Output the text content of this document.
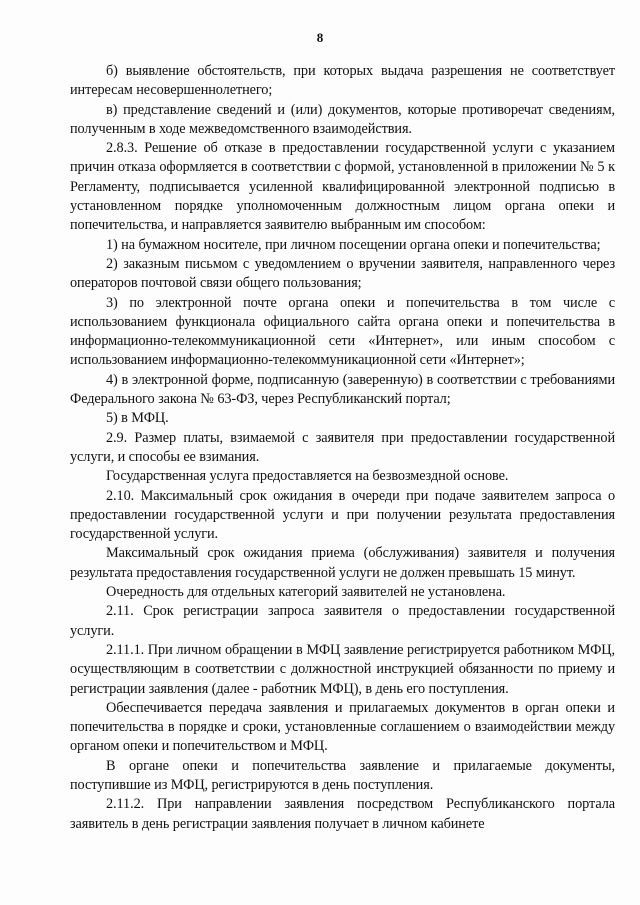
8

б) выявление обстоятельств, при которых выдача разрешения не соответствует интересам несовершеннолетнего;

в) представление сведений и (или) документов, которые противоречат сведениям, полученным в ходе межведомственного взаимодействия.

2.8.3. Решение об отказе в предоставлении государственной услуги с указанием причин отказа оформляется в соответствии с формой, установленной в приложении № 5 к Регламенту, подписывается усиленной квалифицированной электронной подписью в установленном порядке уполномоченным должностным лицом органа опеки и попечительства, и направляется заявителю выбранным им способом:

1) на бумажном носителе, при личном посещении органа опеки и попечительства;

2) заказным письмом с уведомлением о вручении заявителя, направленного через операторов почтовой связи общего пользования;

3) по электронной почте органа опеки и попечительства в том числе с использованием функционала официального сайта органа опеки и попечительства в информационно-телекоммуникационной сети «Интернет», или иным способом с использованием информационно-телекоммуникационной сети «Интернет»;

4) в электронной форме, подписанную (заверенную) в соответствии с требованиями Федерального закона № 63-ФЗ, через Республиканский портал;

5) в МФЦ.

2.9. Размер платы, взимаемой с заявителя при предоставлении государственной услуги, и способы ее взимания.

Государственная услуга предоставляется на безвозмездной основе.

2.10. Максимальный срок ожидания в очереди при подаче заявителем запроса о предоставлении государственной услуги и при получении результата предоставления государственной услуги.

Максимальный срок ожидания приема (обслуживания) заявителя и получения результата предоставления государственной услуги не должен превышать 15 минут.

Очередность для отдельных категорий заявителей не установлена.

2.11. Срок регистрации запроса заявителя о предоставлении государственной услуги.

2.11.1. При личном обращении в МФЦ заявление регистрируется работником МФЦ, осуществляющим в соответствии с должностной инструкцией обязанности по приему и регистрации заявления (далее - работник МФЦ), в день его поступления.

Обеспечивается передача заявления и прилагаемых документов в орган опеки и попечительства в порядке и сроки, установленные соглашением о взаимодействии между органом опеки и попечительством и МФЦ.

В органе опеки и попечительства заявление и прилагаемые документы, поступившие из МФЦ, регистрируются в день поступления.

2.11.2. При направлении заявления посредством Республиканского портала заявитель в день регистрации заявления получает в личном кабинете
